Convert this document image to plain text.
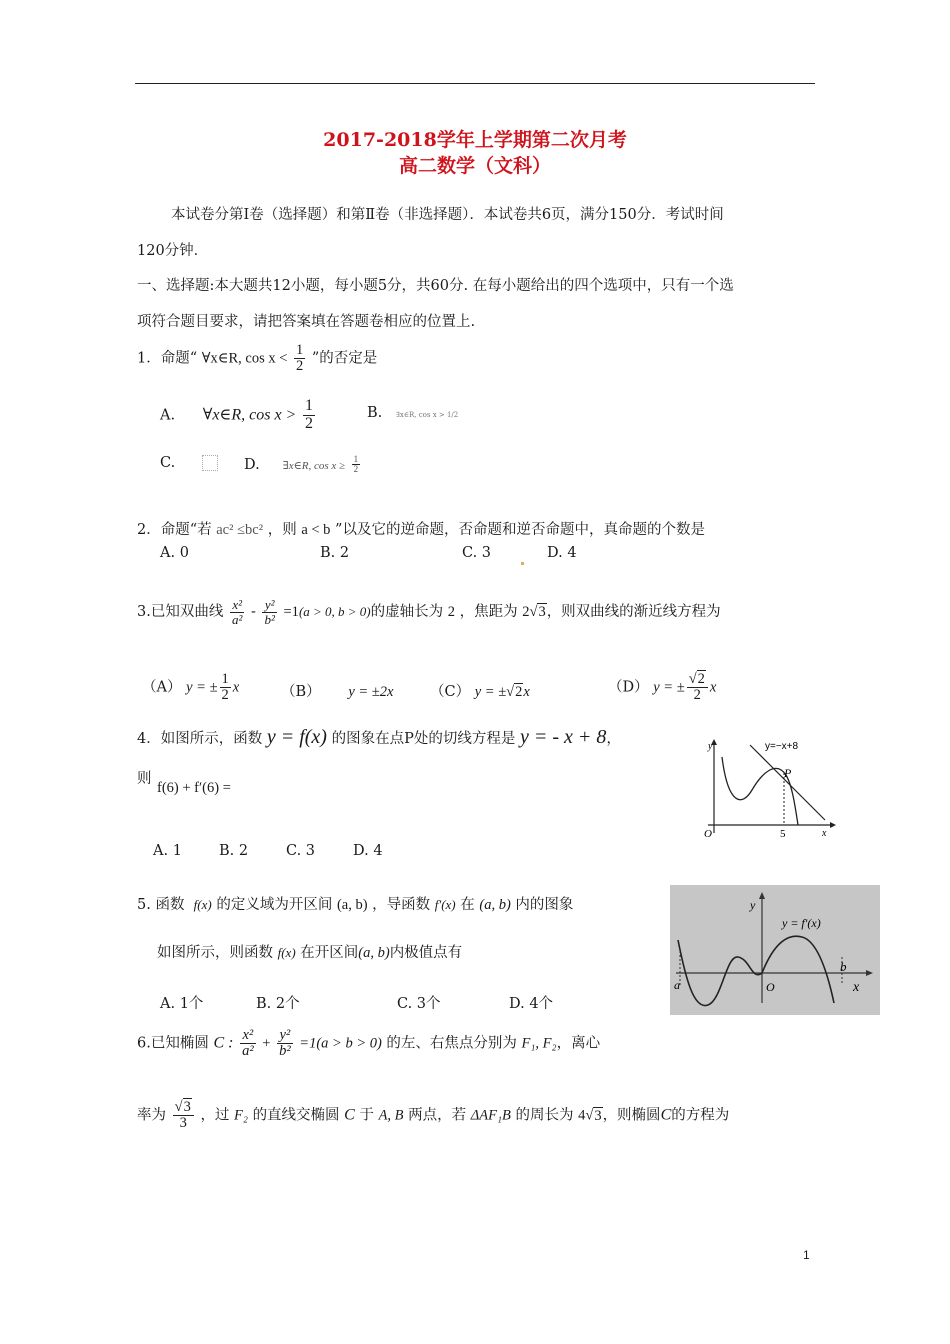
2017-2018学年上学期第二次月考
高二数学（文科）
本试卷分第Ⅰ卷（选择题）和第Ⅱ卷（非选择题）．本试卷共6页，满分150分．考试时间
120分钟．
一、选择题:本大题共12小题，每小题5分，共60分. 在每小题给出的四个选项中，只有一个选
项符合题目要求，请把答案填在答题卷相应的位置上.
1．命题“ ∀x∈R, $\cos x < \frac{1}{2}$ ”的否定是
A. ∀x∈R, $\cos x > \frac{1}{2}$	B. ∃x∈R, cos x > 1/2
C.	D. ∃x∈R, $\cos x \ge \frac{1}{2}$
2．命题“若 ac² ≤bc² ，则 a < b ”以及它的逆命题，否命题和逆否命题中，真命题的个数是
A. 0	B. 2	C. 3	D. 4
3.已知双曲线 $\frac{\text{x²}}{\text{a²}} - \frac{\text{y²}}{\text{b²}} =1(a > 0$, b > 0)的虚轴长为 2 ，焦距为 2√3，则双曲线的渐近线方程为
（A） y = ± $\frac{1}{2}$ x	（B） y = ±2x	（C） y = ±√2x	（D） y = ± $\frac{√2}{2}$ x
4．如图所示，函数 y = f(x) 的图象在点P处的切线方程是 y = - x + 8，
则
f(6) + f′(6) =
A. 1	B. 2	C. 3	D. 4
y	y=−x+8
P
O	5	x
5. 函数 f(x) 的定义域为开区间 (a, b) ，导函数 f′(x) 在 (a, b) 内的图象
如图所示，则函数 f(x) 在开区间(a, b)内极值点有
A. 1个	B. 2个	C. 3个	D. 4个
y
y = f′(x)
a	O
b
x
6.已知椭圆 C : $\frac{\text{x²}}{\text{a²}} + \frac{\text{y²}}{\text{b²}} =1(a > b > 0)$ 的左、右焦点分别为 F₁, F₂，离心
率为 $\frac{√3}{3}$ ，过 F₂ 的直线交椭圆 C 于 A, B 两点，若 ΔAF₁B 的周长为 4√3，则椭圆C的方程为
1
